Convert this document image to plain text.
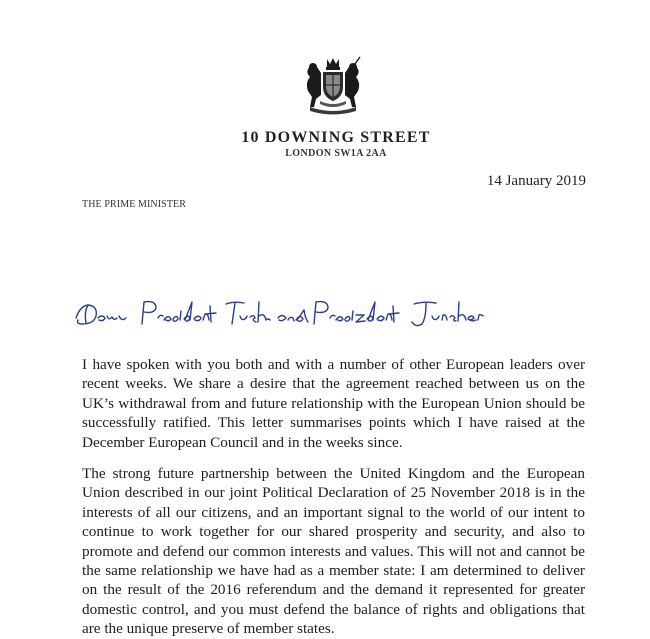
10 DOWNING STREET
LONDON SW1A 2AA
14 January 2019
THE PRIME MINISTER

I have spoken with you both and with a number of other European leaders over recent weeks. We share a desire that the agreement reached between us on the UK’s withdrawal from and future relationship with the European Union should be successfully ratified. This letter summarises points which I have raised at the December European Council and in the weeks since.

The strong future partnership between the United Kingdom and the European Union described in our joint Political Declaration of 25 November 2018 is in the interests of all our citizens, and an important signal to the world of our intent to continue to work together for our shared prosperity and security, and also to promote and defend our common interests and values. This will not and cannot be the same relationship we have had as a member state: I am determined to deliver on the result of the 2016 referendum and the demand it represented for greater domestic control, and you must defend the balance of rights and obligations that are the unique preserve of member states.
